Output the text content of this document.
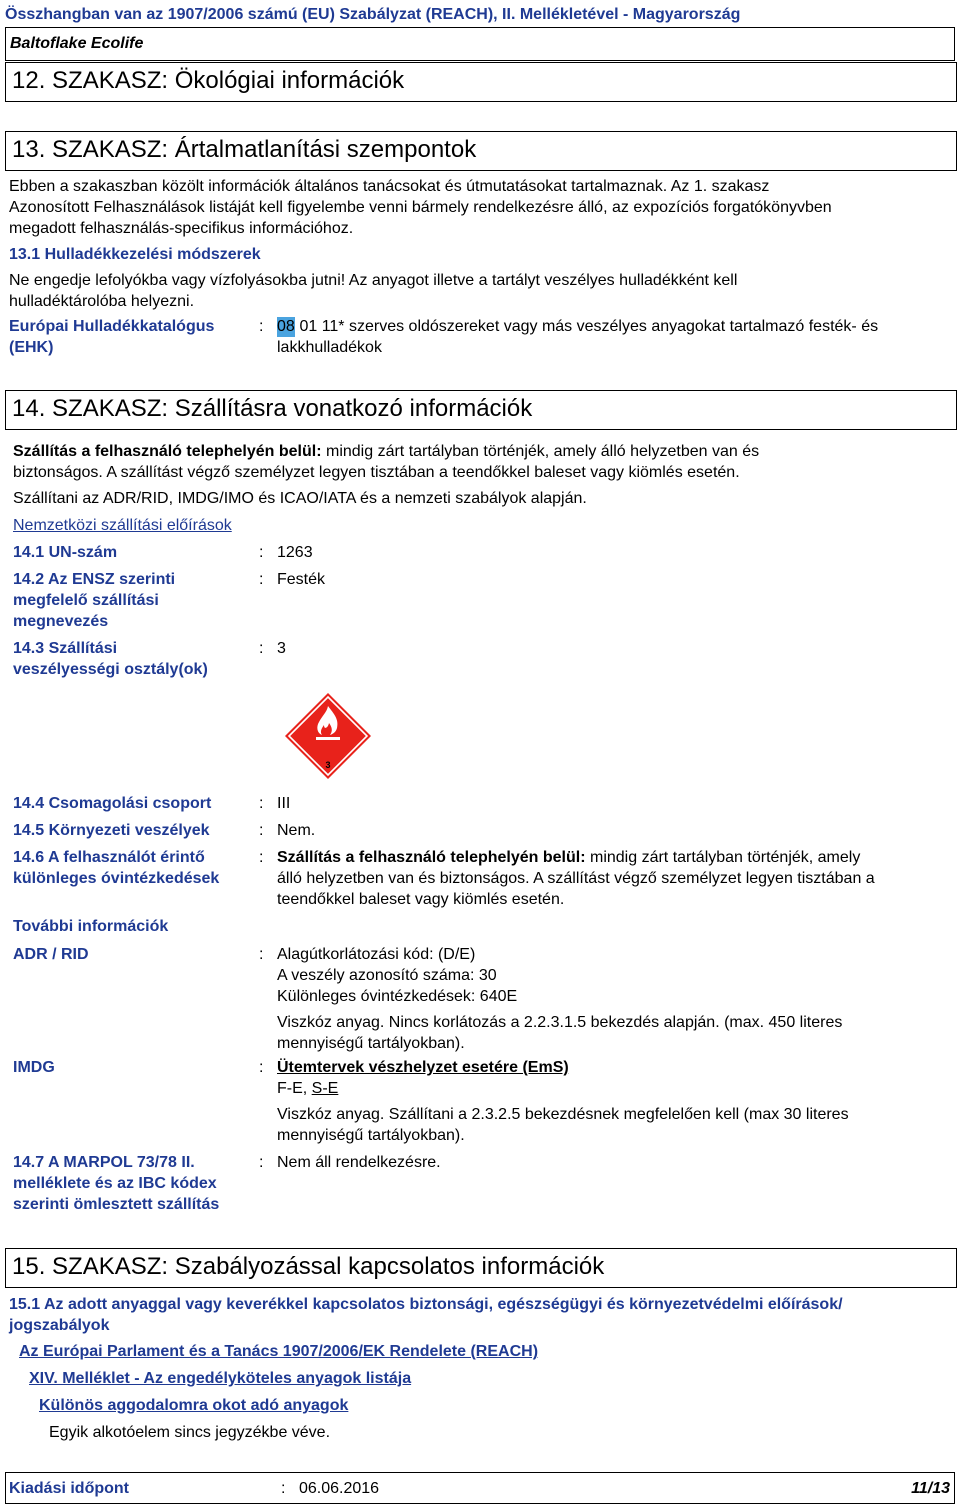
Összhangban van az 1907/2006 számú (EU) Szabályzat (REACH), II. Mellékletével - Magyarország
Baltoflake Ecolife
12. SZAKASZ: Ökológiai információk
13. SZAKASZ: Ártalmatlanítási szempontok
Ebben a szakaszban közölt információk általános tanácsokat és útmutatásokat tartalmaznak. Az 1. szakasz
Azonosított Felhasználások listáját kell figyelembe venni bármely rendelkezésre álló, az expozíciós forgatókönyvben
megadott felhasználás-specifikus információhoz.
13.1 Hulladékkezelési módszerek
Ne engedje lefolyókba vagy vízfolyásokba jutni! Az anyagot illetve a tartályt veszélyes hulladékként kell
hulladéktárolóba helyezni.
Európai Hulladékkatalógus
(EHK)
: 08 01 11* szerves oldószereket vagy más veszélyes anyagokat tartalmazó festék- és
lakkhulladékok
14. SZAKASZ: Szállításra vonatkozó információk
Szállítás a felhasználó telephelyén belül: mindig zárt tartályban történjék, amely álló helyzetben van és
biztonságos. A szállítást végző személyzet legyen tisztában a teendőkkel baleset vagy kiömlés esetén.
Szállítani az ADR/RID, IMDG/IMO és ICAO/IATA és a nemzeti szabályok alapján.
Nemzetközi szállítási előírások
14.1 UN-szám	: 1263
14.2 Az ENSZ szerinti
megfelelő szállítási
megnevezés
: Festék
14.3 Szállítási
veszélyességi osztály(ok)
: 3
3
14.4 Csomagolási csoport	: III
14.5 Környezeti veszélyek	: Nem.
14.6 A felhasználót érintő
különleges óvintézkedések
: Szállítás a felhasználó telephelyén belül: mindig zárt tartályban történjék, amely
álló helyzetben van és biztonságos. A szállítást végző személyzet legyen tisztában a
teendőkkel baleset vagy kiömlés esetén.
További információk
ADR / RID	: Alagútkorlátozási kód: (D/E)
A veszély azonosító száma: 30
Különleges óvintézkedések: 640E
Viszkóz anyag. Nincs korlátozás a 2.2.3.1.5 bekezdés alapján. (max. 450 literes
mennyiségű tartályokban).
IMDG	: Ütemtervek vészhelyzet esetére (EmS)
F-E, S-E
Viszkóz anyag. Szállítani a 2.3.2.5 bekezdésnek megfelelően kell (max 30 literes
mennyiségű tartályokban).
14.7 A MARPOL 73/78 II.
melléklete és az IBC kódex
szerinti ömlesztett szállítás
: Nem áll rendelkezésre.
15. SZAKASZ: Szabályozással kapcsolatos információk
15.1 Az adott anyaggal vagy keverékkel kapcsolatos biztonsági, egészségügyi és környezetvédelmi előírások/
jogszabályok
Az Európai Parlament és a Tanács 1907/2006/EK Rendelete (REACH)
XIV. Melléklet - Az engedélyköteles anyagok listája
Különös aggodalomra okot adó anyagok
Egyik alkotóelem sincs jegyzékbe véve.
Kiadási időpont	: 06.06.2016	11/13
